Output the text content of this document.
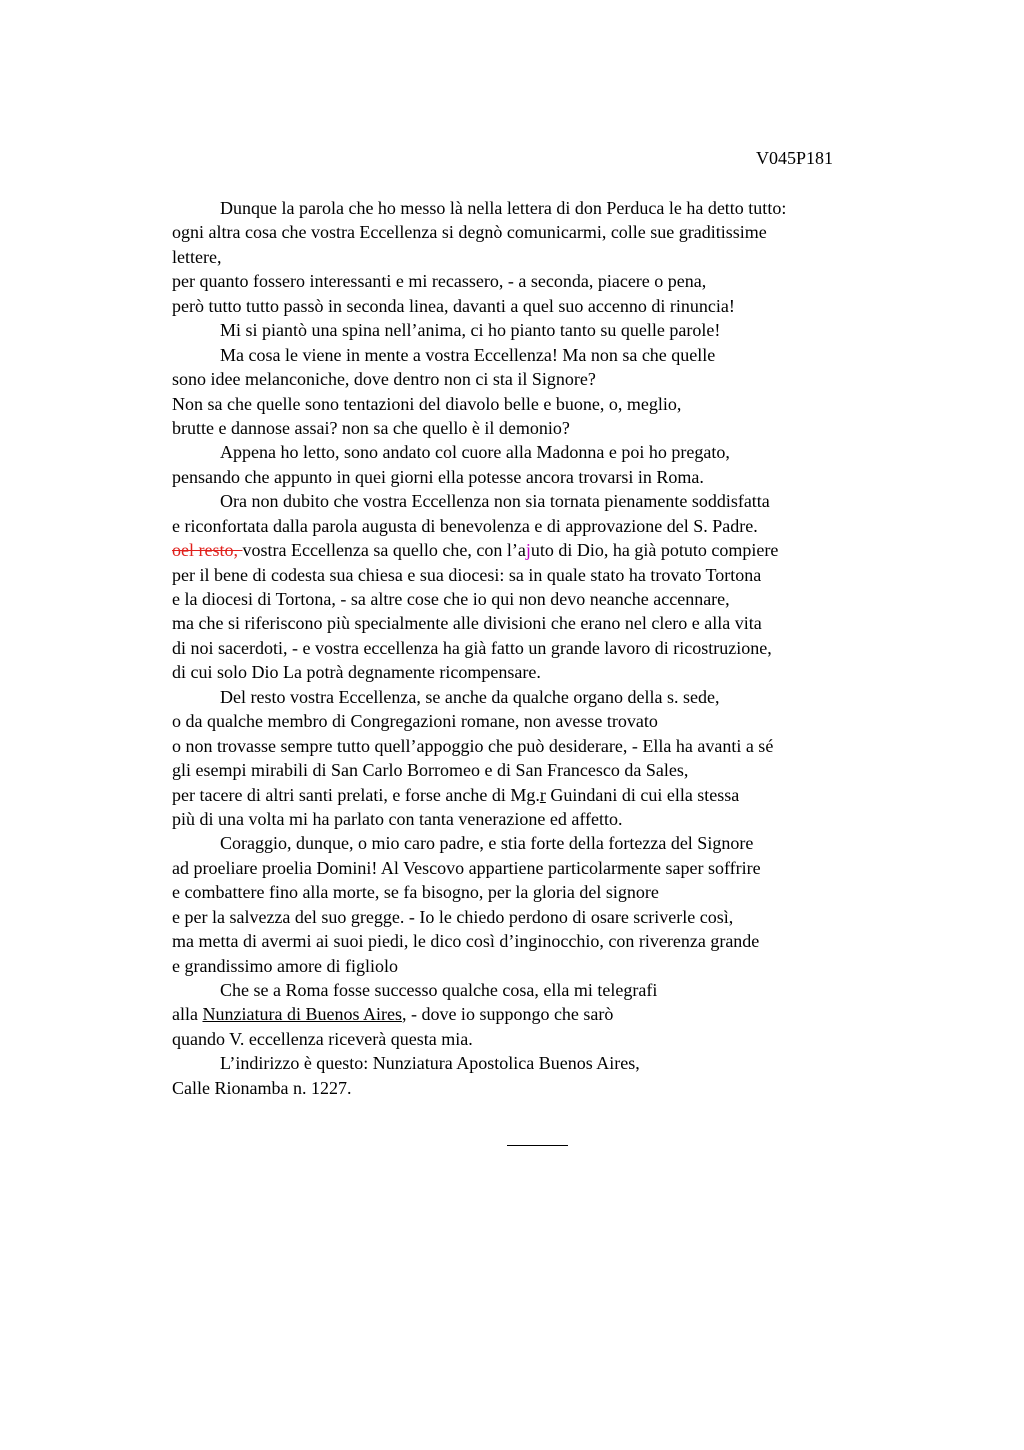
V045P181
Dunque la parola che ho messo là nella lettera di don Perduca le ha detto tutto:
ogni altra cosa che vostra Eccellenza si degnò comunicarmi, colle sue graditissime
lettere,
per quanto fossero interessanti e mi recassero, - a seconda, piacere o pena,
però tutto tutto passò in seconda linea, davanti a quel suo accenno di rinuncia!
Mi si piantò una spina nell’anima, ci ho pianto tanto su quelle parole!
Ma cosa le viene in mente a vostra Eccellenza! Ma non sa che quelle
sono idee melanconiche, dove dentro non ci sta il Signore?
Non sa che quelle sono tentazioni del diavolo belle e buone, o, meglio,
brutte e dannose assai? non sa che quello è il demonio?
Appena ho letto, sono andato col cuore alla Madonna e poi ho pregato,
pensando che appunto in quei giorni ella potesse ancora trovarsi in Roma.
Ora non dubito che vostra Eccellenza non sia tornata pienamente soddisfatta
e riconfortata dalla parola augusta di benevolenza e di approvazione del S. Padre.
oel resto, vostra Eccellenza sa quello che, con l’ajuto di Dio, ha già potuto compiere
per il bene di codesta sua chiesa e sua diocesi: sa in quale stato ha trovato Tortona
e la diocesi di Tortona, - sa altre cose che io qui non devo neanche accennare,
ma che si riferiscono più specialmente alle divisioni che erano nel clero e alla vita
di noi sacerdoti, - e vostra eccellenza ha già fatto un grande lavoro di ricostruzione,
di cui solo Dio La potrà degnamente ricompensare.
Del resto vostra Eccellenza, se anche da qualche organo della s. sede,
o da qualche membro di Congregazioni romane, non avesse trovato
o non trovasse sempre tutto quell’appoggio che può desiderare, - Ella ha avanti a sé
gli esempi mirabili di San Carlo Borromeo e di San Francesco da Sales,
per tacere di altri santi prelati, e forse anche di Mg.r Guindani di cui ella stessa
più di una volta mi ha parlato con tanta venerazione ed affetto.
Coraggio, dunque, o mio caro padre, e stia forte della fortezza del Signore
ad proeliare proelia Domini! Al Vescovo appartiene particolarmente saper soffrire
e combattere fino alla morte, se fa bisogno, per la gloria del signore
e per la salvezza del suo gregge. - Io le chiedo perdono di osare scriverle così,
ma metta di avermi ai suoi piedi, le dico così d’inginocchio, con riverenza grande
e grandissimo amore di figliolo
Che se a Roma fosse successo qualche cosa, ella mi telegrafi
alla Nunziatura di Buenos Aires, - dove io suppongo che sarò
quando V. eccellenza riceverà questa mia.
L’indirizzo è questo: Nunziatura Apostolica Buenos Aires,
Calle Rionamba n. 1227.
